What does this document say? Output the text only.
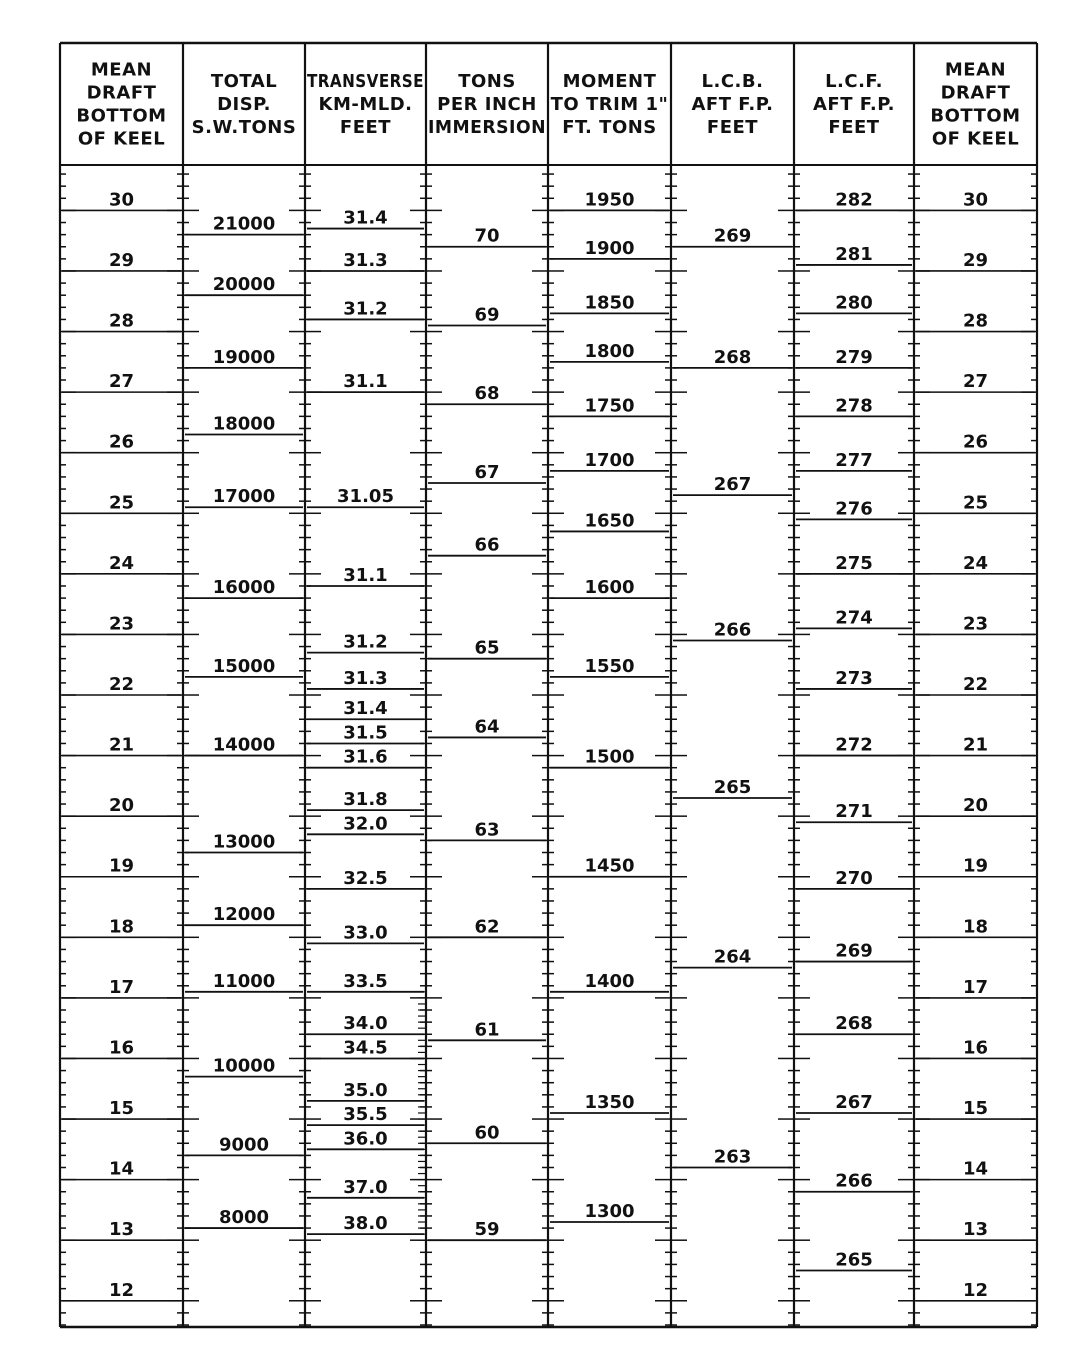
MEAN
DRAFT
BOTTOM
OF KEEL
TOTAL
DISP.
S.W.TONS
TRANSVERSE
KM-MLD.
FEET
TONS
PER INCH
IMMERSION
MOMENT
TO TRIM 1"
FT. TONS
L.C.B.
AFT F.P.
FEET
L.C.F.
AFT F.P.
FEET
MEAN
DRAFT
BOTTOM
OF KEEL
30
29
28
27
26
25
24
23
22
21
20
19
18
17
16
15
14
13
12
21000
20000
19000
18000
17000
16000
15000
14000
13000
12000
11000
10000
9000
8000
31.4
31.3
31.2
31.1
31.05
31.1
31.2
31.3
31.4
31.5
31.6
31.8
32.0
32.5
33.0
33.5
34.0
34.5
35.0
35.5
36.0
37.0
38.0
70
69
68
67
66
65
64
63
62
61
60
59
1950
1900
1850
1800
1750
1700
1650
1600
1550
1500
1450
1400
1350
1300
269
268
267
266
265
264
263
282
281
280
279
278
277
276
275
274
273
272
271
270
269
268
267
266
265
30
29
28
27
26
25
24
23
22
21
20
19
18
17
16
15
14
13
12
